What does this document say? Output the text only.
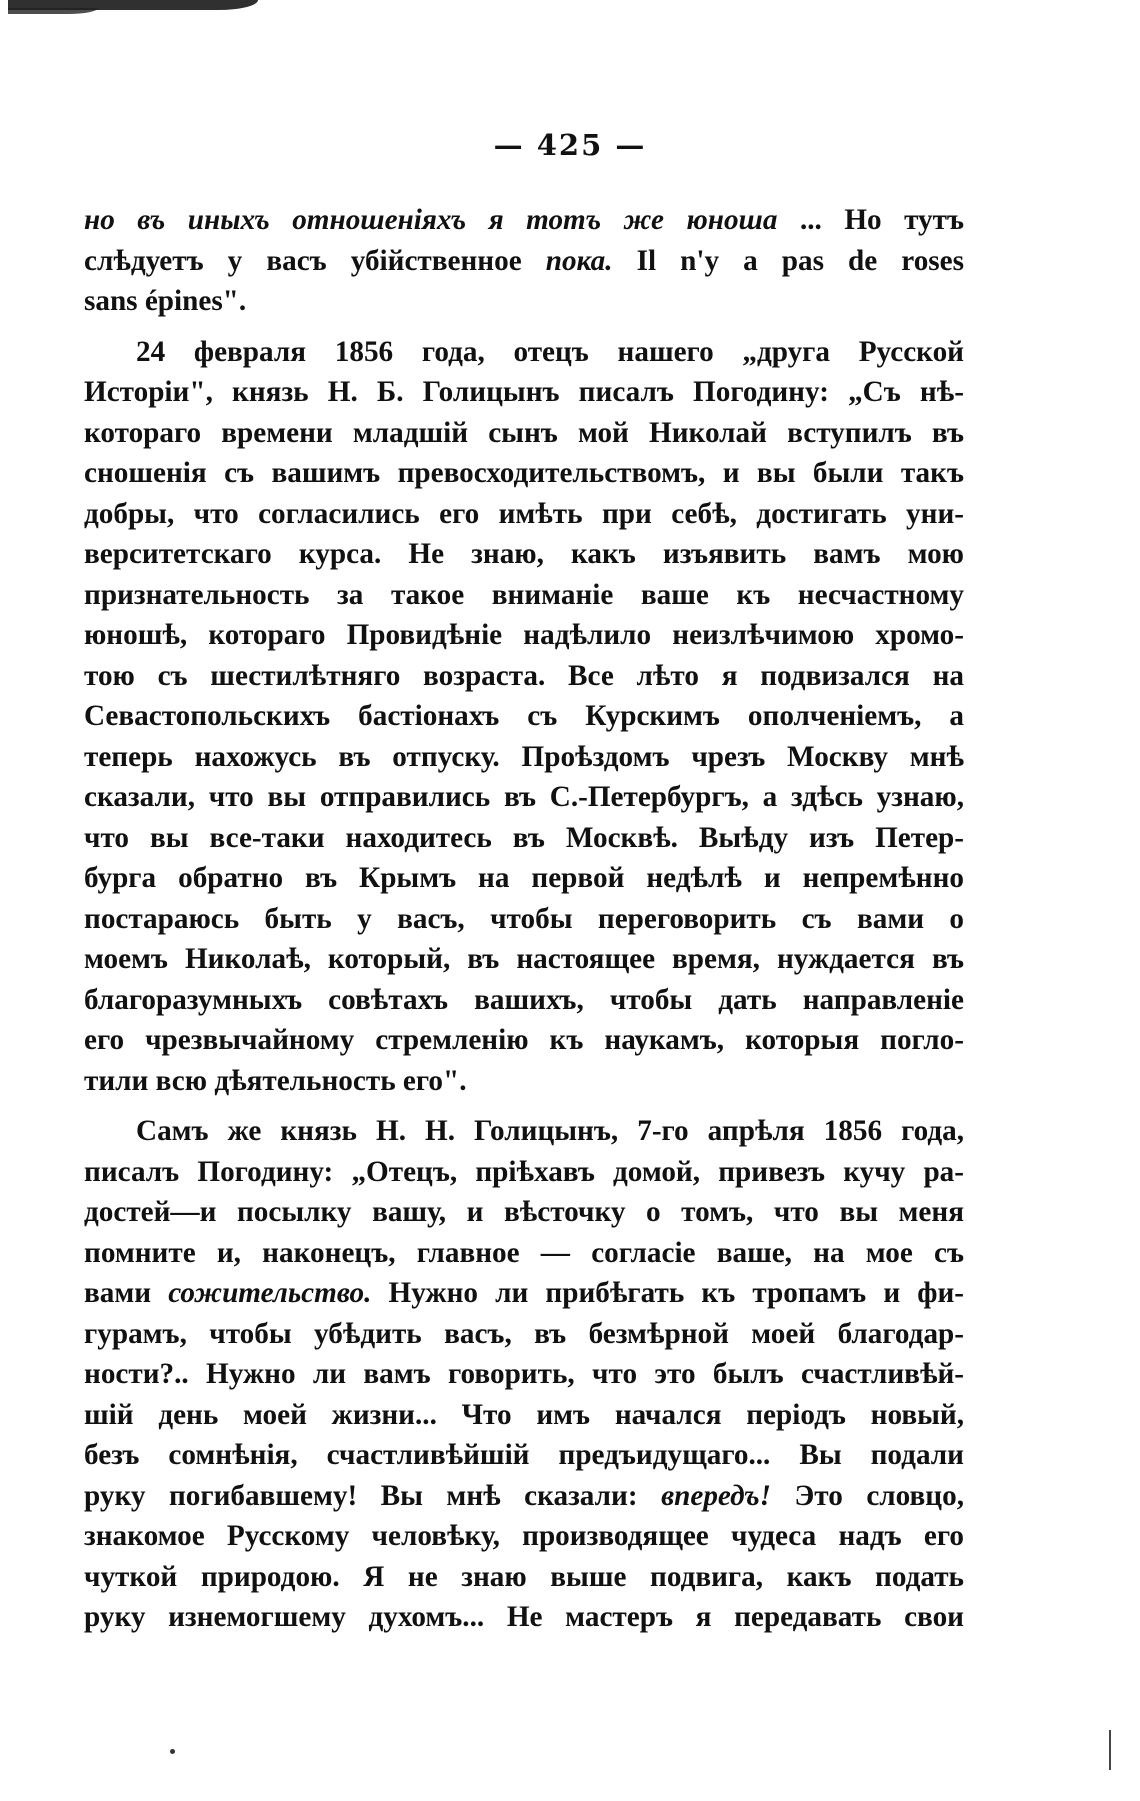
— 425 —
но въ иныхъ отношеніяхъ я тотъ же юноша ... Но тутъ
слѣдуетъ у васъ убійственное пока. Il n'y a pas de roses
sans épines".
24 февраля 1856 года, отецъ нашего „друга Русской
Исторіи", князь Н. Б. Голицынъ писалъ Погодину: „Съ нѣ-
котораго времени младшій сынъ мой Николай вступилъ въ
сношенія съ вашимъ превосходительствомъ, и вы были такъ
добры, что согласились его имѣть при себѣ, достигать уни-
верситетскаго курса. Не знаю, какъ изъявить вамъ мою
признательность за такое вниманіе ваше къ несчастному
юношѣ, котораго Провидѣніе надѣлило неизлѣчимою хромо-
тою съ шестилѣтняго возраста. Все лѣто я подвизался на
Севастопольскихъ бастіонахъ съ Курскимъ ополченіемъ, а
теперь нахожусь въ отпуску. Проѣздомъ чрезъ Москву мнѣ
сказали, что вы отправились въ С.-Петербургъ, а здѣсь узнаю,
что вы все-таки находитесь въ Москвѣ. Выѣду изъ Петер-
бурга обратно въ Крымъ на первой недѣлѣ и непремѣнно
постараюсь быть у васъ, чтобы переговорить съ вами о
моемъ Николаѣ, который, въ настоящее время, нуждается въ
благоразумныхъ совѣтахъ вашихъ, чтобы дать направленіе
его чрезвычайному стремленію къ наукамъ, которыя погло-
тили всю дѣятельность его".
Самъ же князь Н. Н. Голицынъ, 7-го апрѣля 1856 года,
писалъ Погодину: „Отецъ, пріѣхавъ домой, привезъ кучу ра-
достей—и посылку вашу, и вѣсточку о томъ, что вы меня
помните и, наконецъ, главное — согласіе ваше, на мое съ
вами сожительство. Нужно ли прибѣгать къ тропамъ и фи-
гурамъ, чтобы убѣдить васъ, въ безмѣрной моей благодар-
ности?.. Нужно ли вамъ говорить, что это былъ счастливѣй-
шій день моей жизни... Что имъ начался періодъ новый,
безъ сомнѣнія, счастливѣйшій предъидущаго... Вы подали
руку погибавшему! Вы мнѣ сказали: впередъ! Это словцо,
знакомое Русскому человѣку, производящее чудеса надъ его
чуткой природою. Я не знаю выше подвига, какъ подать
руку изнемогшему духомъ... Не мастеръ я передавать свои
